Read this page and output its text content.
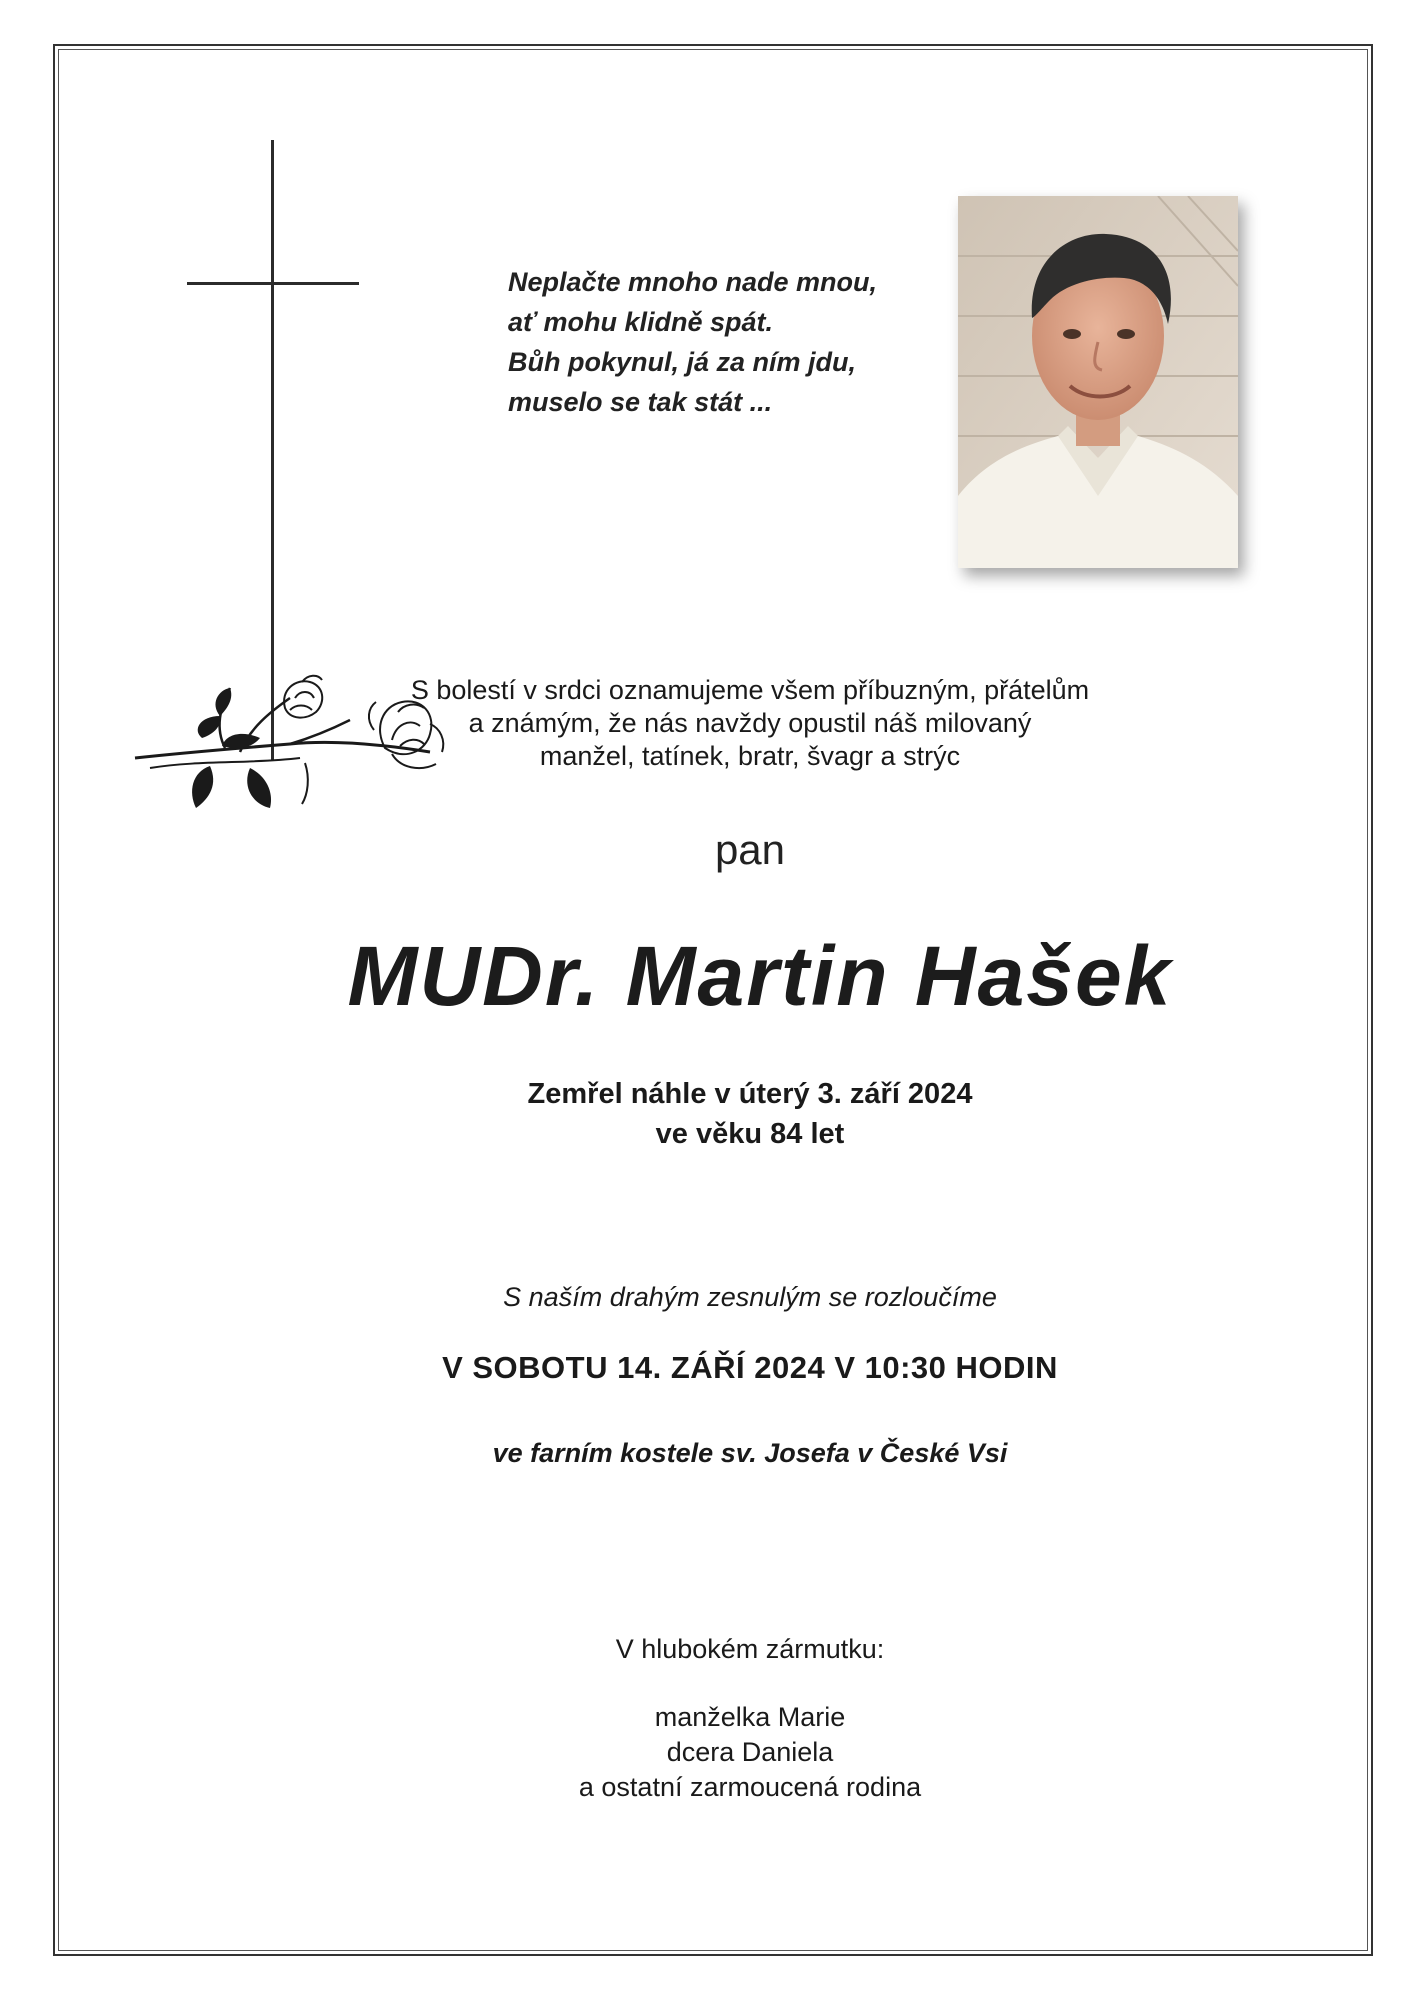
Neplačte mnoho nade mnou,
ať mohu klidně spát.
Bůh pokynul, já za ním jdu,
muselo se tak stát ...
S bolestí v srdci oznamujeme všem příbuzným, přátelům
a známým, že nás navždy opustil náš milovaný
manžel, tatínek, bratr, švagr a strýc
pan
MUDr. Martin Hašek
Zemřel náhle v úterý 3. září 2024
ve věku 84 let
S naším drahým zesnulým se rozloučíme
V SOBOTU 14. ZÁŘÍ 2024 V 10:30 HODIN
ve farním kostele sv. Josefa v České Vsi
V hlubokém zármutku:
manželka Marie
dcera Daniela
a ostatní zarmoucená rodina
